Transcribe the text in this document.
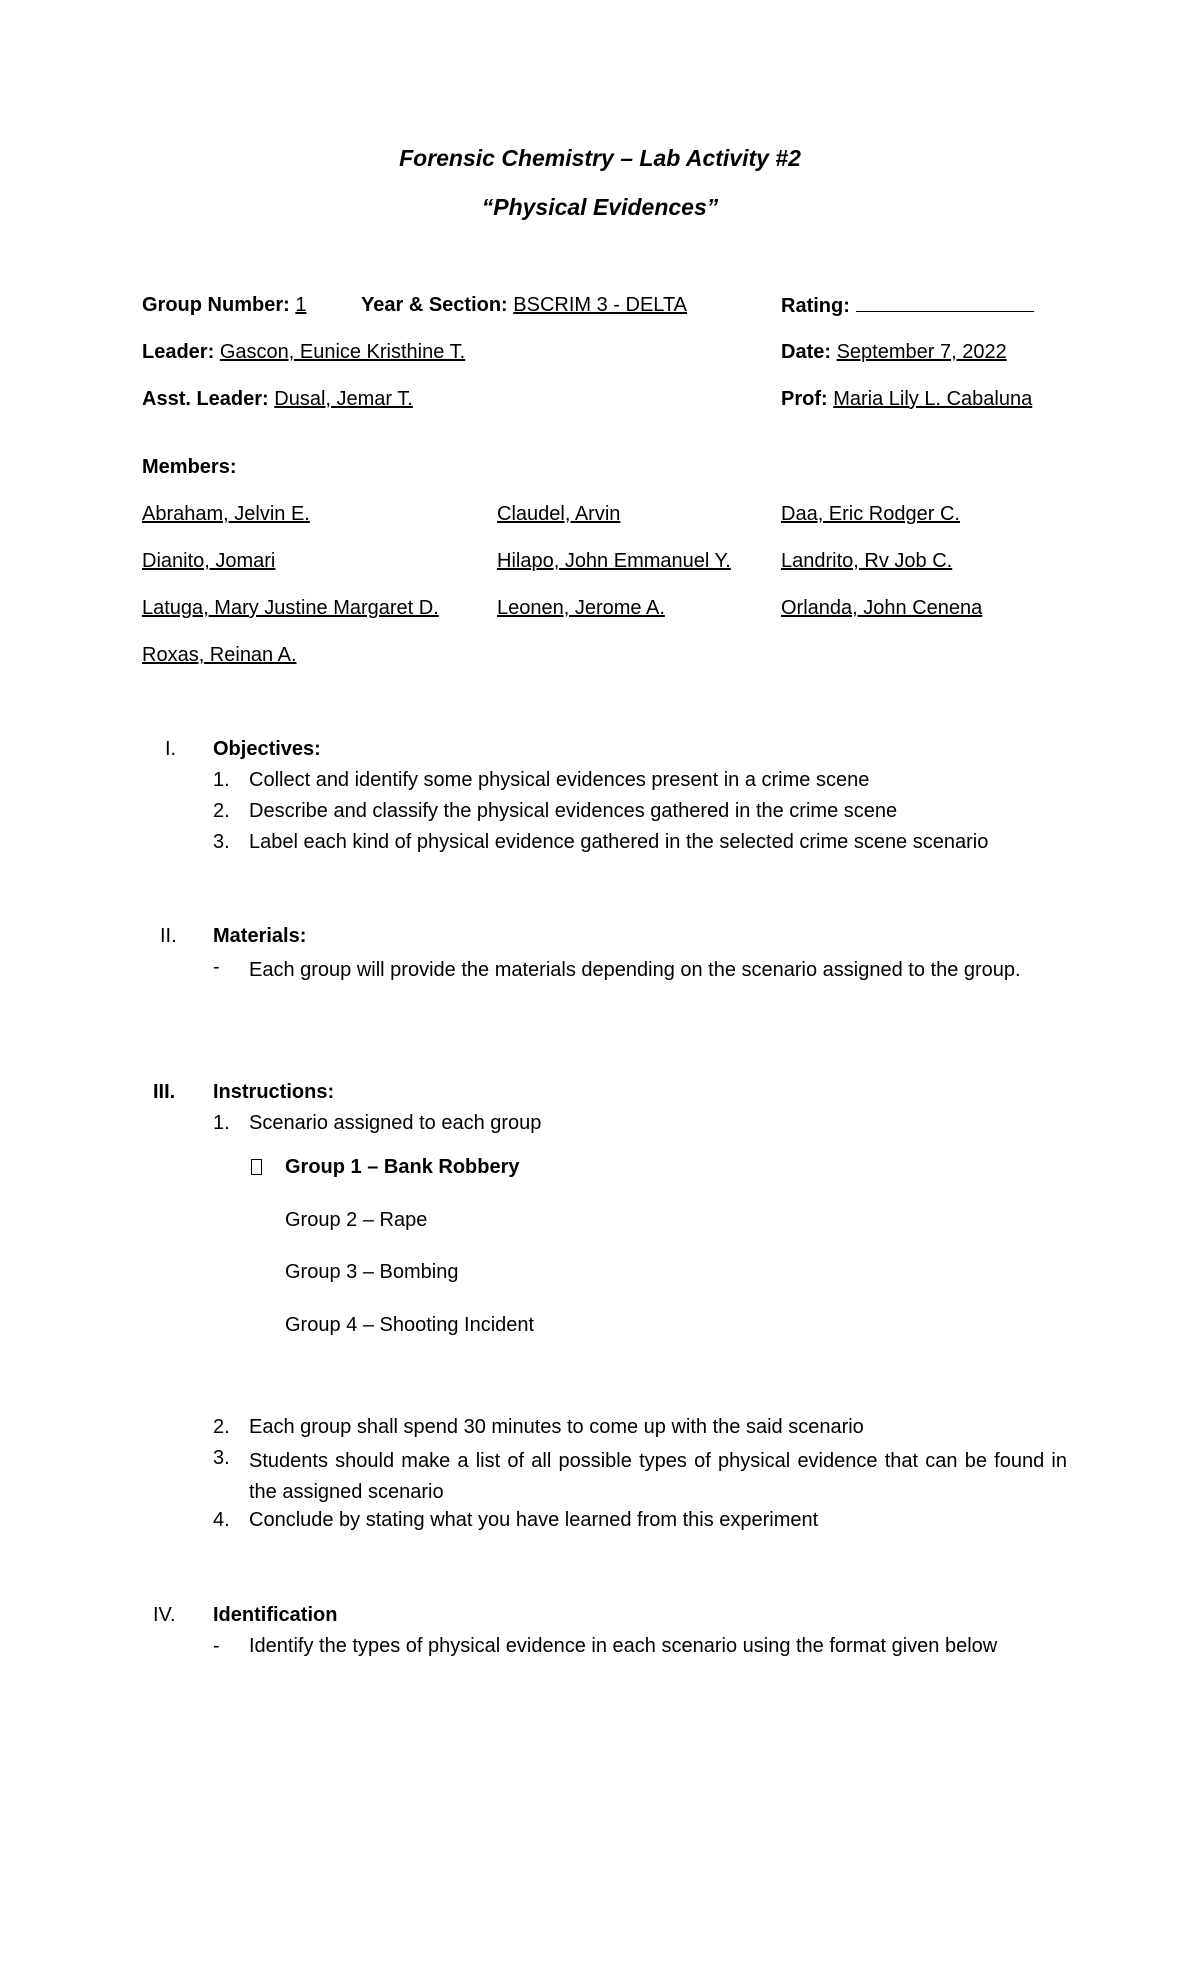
Forensic Chemistry – Lab Activity #2
“Physical Evidences”
Group Number: 1	Year & Section: BSCRIM 3 - DELTA	Rating:
Leader: Gascon, Eunice Kristhine T.	Date: September 7, 2022
Asst. Leader: Dusal, Jemar T.	Prof: Maria Lily L. Cabaluna
Members:
Abraham, Jelvin E.	Claudel, Arvin	Daa, Eric Rodger C.
Dianito, Jomari	Hilapo, John Emmanuel Y.	Landrito, Rv Job C.
Latuga, Mary Justine Margaret D.	Leonen, Jerome A.	Orlanda, John Cenena
Roxas, Reinan A.
I. Objectives:
1. Collect and identify some physical evidences present in a crime scene
2. Describe and classify the physical evidences gathered in the crime scene
3. Label each kind of physical evidence gathered in the selected crime scene scenario
II. Materials:
- Each group will provide the materials depending on the scenario assigned to the group.
III. Instructions:
1. Scenario assigned to each group
Group 1 – Bank Robbery
Group 2 – Rape
Group 3 – Bombing
Group 4 – Shooting Incident
2. Each group shall spend 30 minutes to come up with the said scenario
3. Students should make a list of all possible types of physical evidence that can be found in the assigned scenario
4. Conclude by stating what you have learned from this experiment
IV. Identification
- Identify the types of physical evidence in each scenario using the format given below
